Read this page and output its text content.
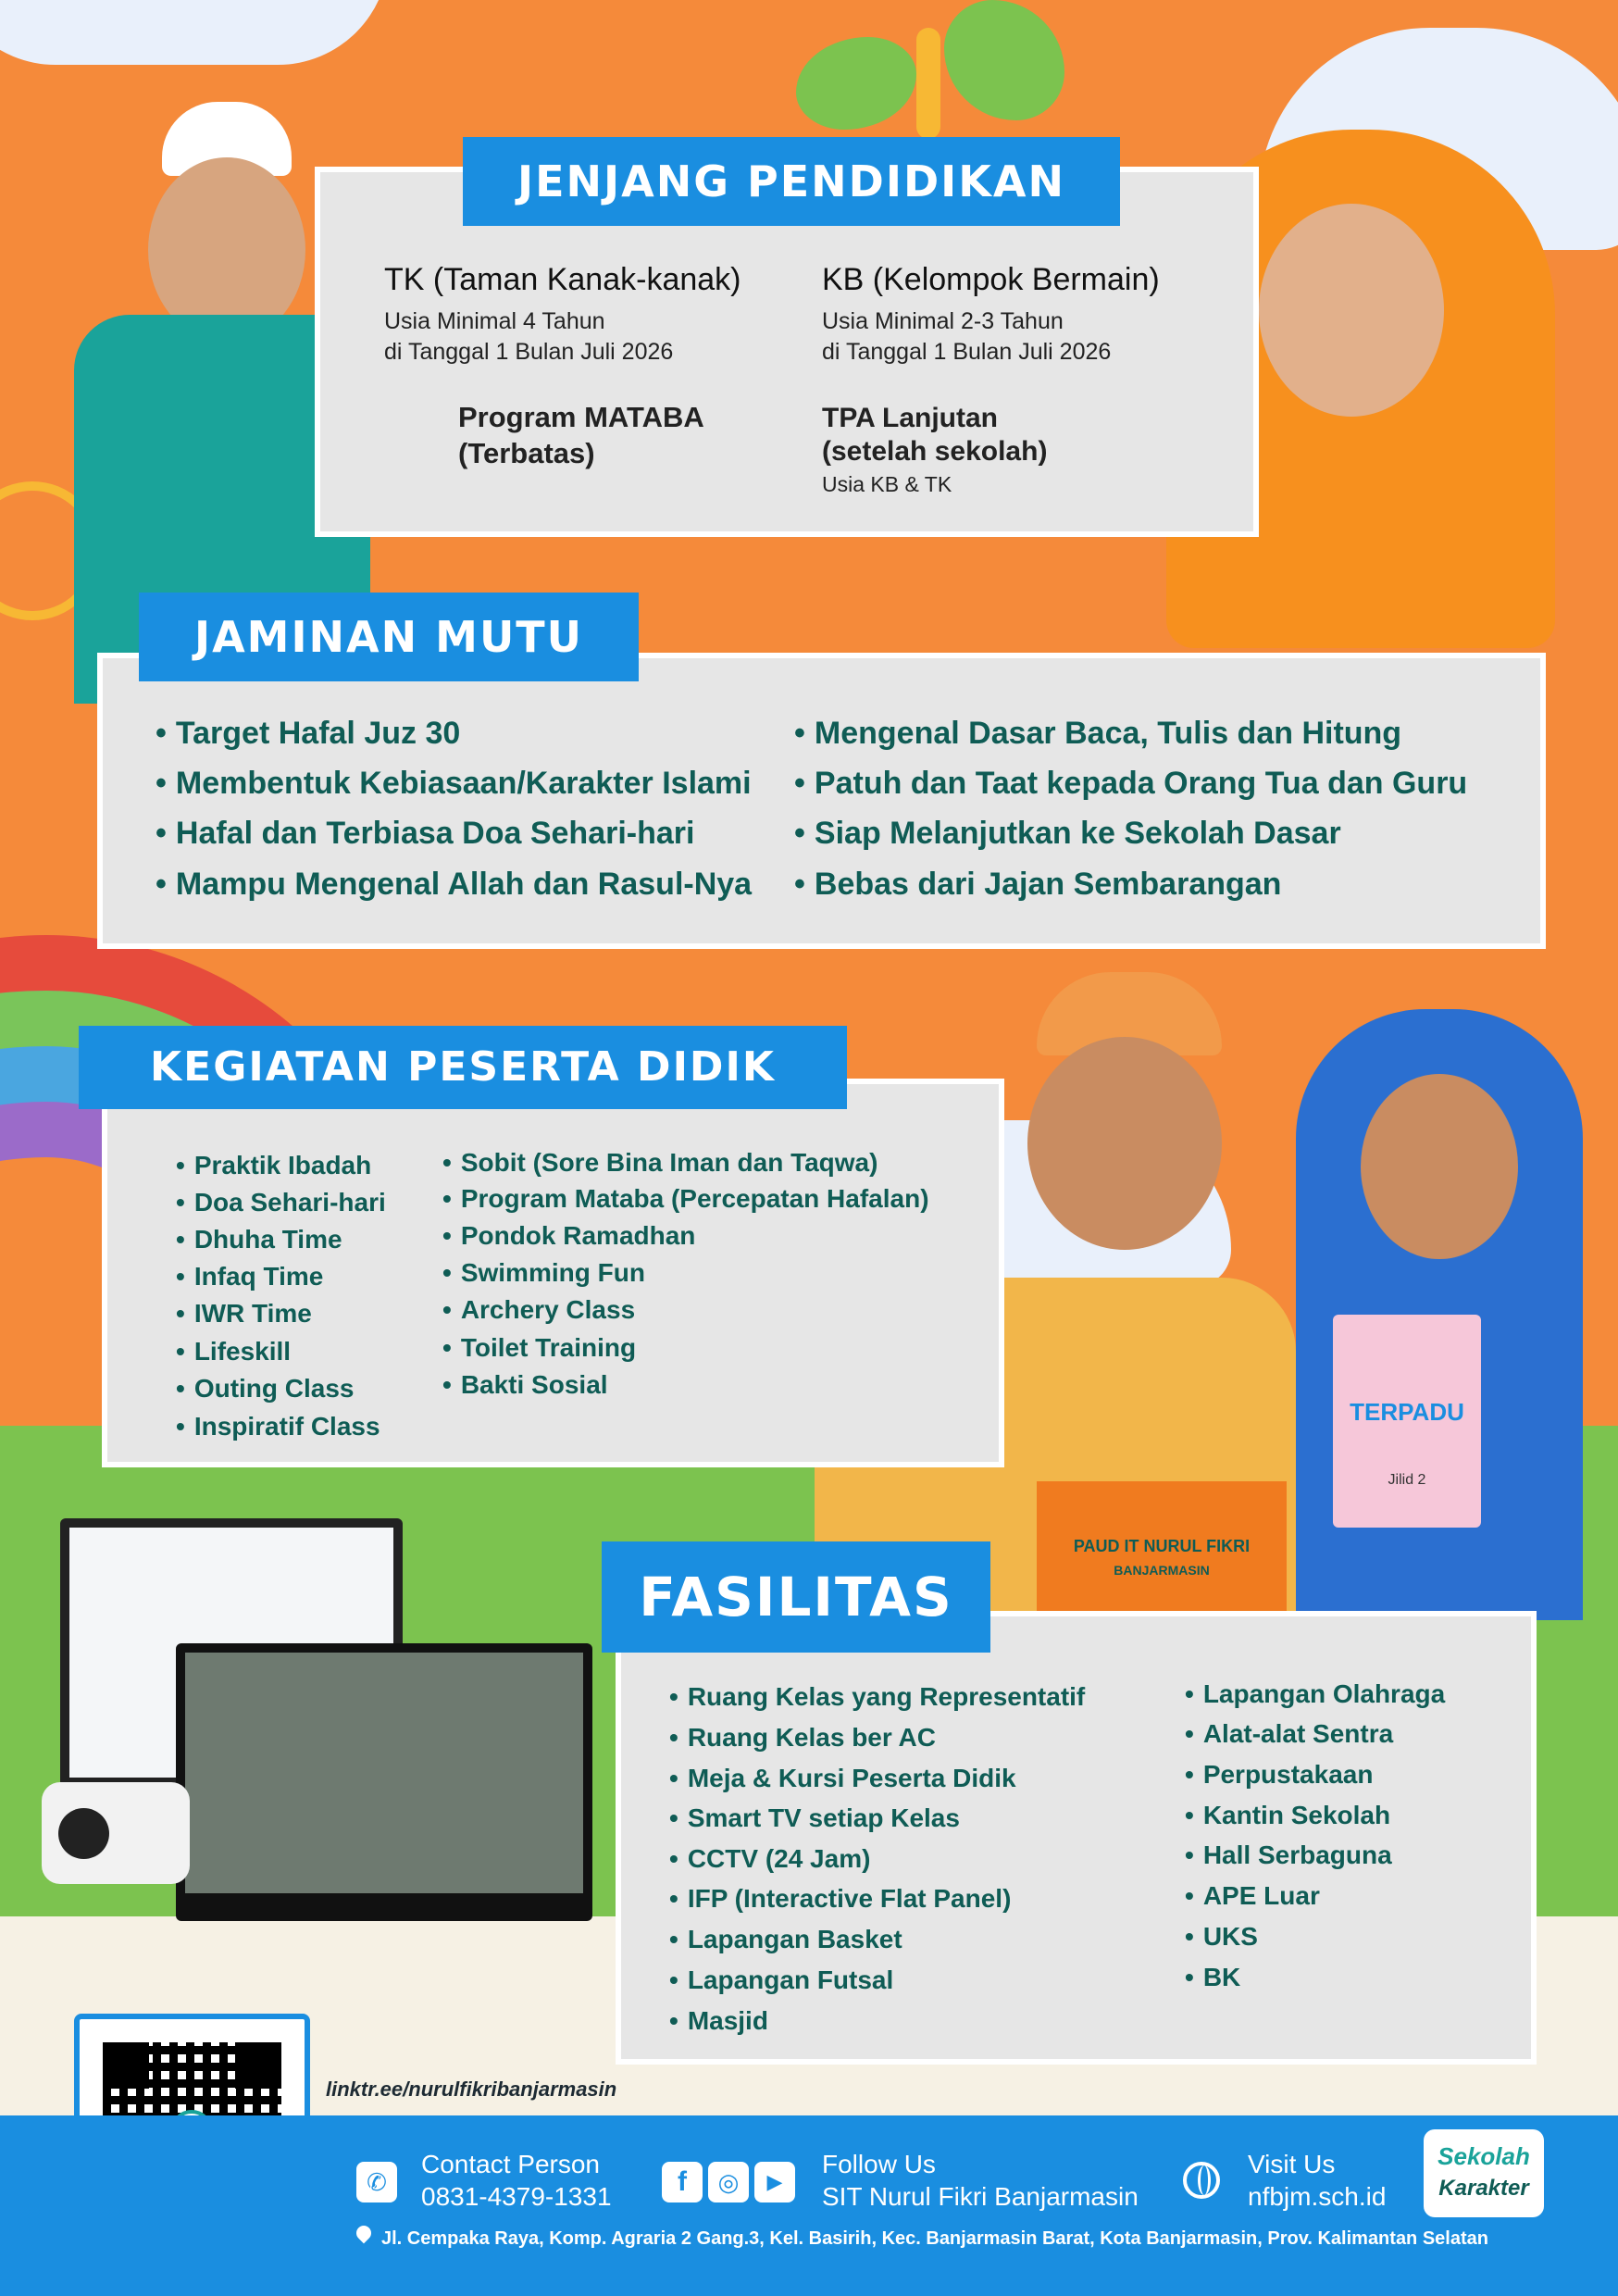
PAUD IT NURUL FIKRI
BANJARMASIN
TERPADU
Jilid 2
JENJANG PENDIDIKAN
TK (Taman Kanak-kanak)
Usia Minimal 4 Tahun
di Tanggal 1 Bulan Juli 2026
KB (Kelompok Bermain)
Usia Minimal 2-3 Tahun
di Tanggal 1 Bulan Juli 2026
Program MATABA
(Terbatas)
TPA Lanjutan
(setelah sekolah)
Usia KB & TK
JAMINAN MUTU
• Target Hafal Juz 30
• Membentuk Kebiasaan/Karakter Islami
• Hafal dan Terbiasa Doa Sehari-hari
• Mampu Mengenal Allah dan Rasul-Nya
• Mengenal Dasar Baca, Tulis dan Hitung
• Patuh dan Taat kepada Orang Tua dan Guru
• Siap Melanjutkan ke Sekolah Dasar
• Bebas dari Jajan Sembarangan
KEGIATAN PESERTA DIDIK
• Praktik Ibadah
• Doa Sehari-hari
• Dhuha Time
• Infaq Time
• IWR Time
• Lifeskill
• Outing Class
• Inspiratif Class
• Sobit (Sore Bina Iman dan Taqwa)
• Program Mataba (Percepatan Hafalan)
• Pondok Ramadhan
• Swimming Fun
• Archery Class
• Toilet Training
• Bakti Sosial
FASILITAS
• Ruang Kelas yang Representatif
• Ruang Kelas ber AC
• Meja & Kursi Peserta Didik
• Smart TV setiap Kelas
• CCTV (24 Jam)
• IFP (Interactive Flat Panel)
• Lapangan Basket
• Lapangan Futsal
• Masjid
• Lapangan Olahraga
• Alat-alat Sentra
• Perpustakaan
• Kantin Sekolah
• Hall Serbaguna
• APE Luar
• UKS
• BK
linktr.ee/nurulfikribanjarmasin
✆
Contact Person
0831-4379-1331	f	◎	▶
Follow Us
SIT Nurul Fikri Banjarmasin
Visit Us
nfbjm.sch.id
Sekolah
Karakter
Jl. Cempaka Raya, Komp. Agraria 2 Gang.3, Kel. Basirih, Kec. Banjarmasin Barat, Kota Banjarmasin, Prov. Kalimantan Selatan
